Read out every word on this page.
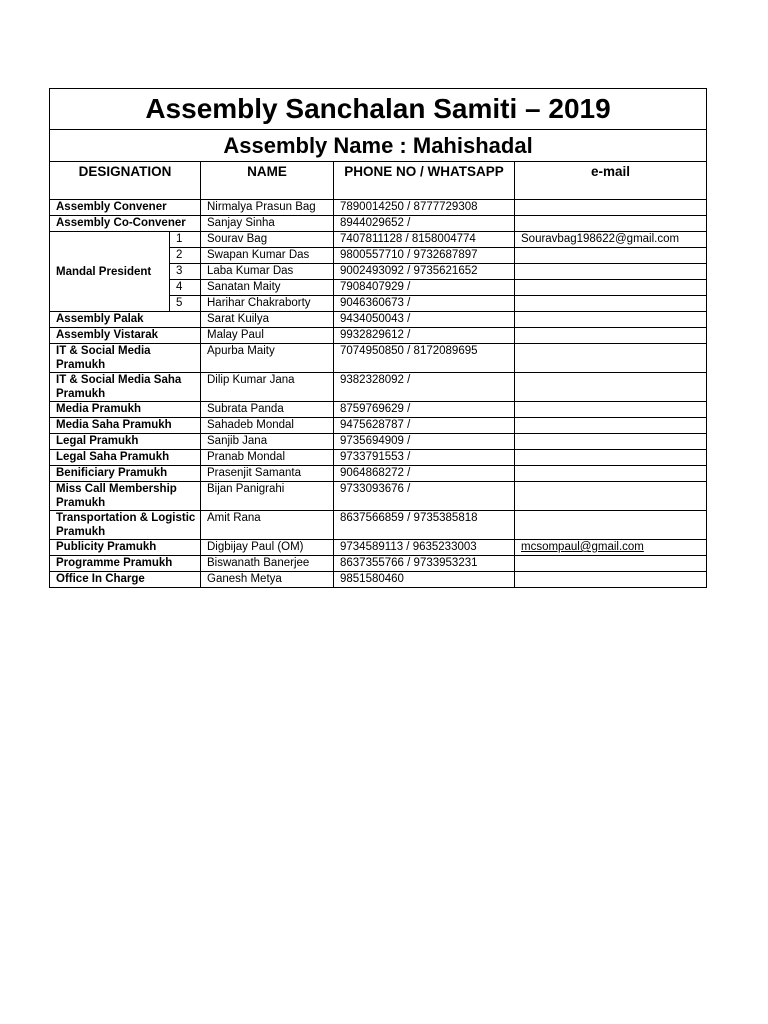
Assembly Sanchalan Samiti – 2019				
Assembly Name : Mahishadal				
DESIGNATION		NAME	PHONE NO / WHATSAPP	e-mail
Assembly Convener		Nirmalya Prasun Bag	7890014250 / 8777729308	
Assembly Co-Convener		Sanjay Sinha	8944029652 /	
Mandal President	1	Sourav Bag	7407811128 / 8158004774	Souravbag198622@gmail.com
	2	Swapan Kumar Das	9800557710 / 9732687897	
	3	Laba Kumar Das	9002493092 / 9735621652	
	4	Sanatan Maity	7908407929 /	
	5	Harihar Chakraborty	9046360673 /	
Assembly Palak		Sarat Kuilya	9434050043 /	
Assembly Vistarak		Malay Paul	9932829612 /	
IT & Social Media Pramukh		Apurba Maity	7074950850 / 8172089695	
IT & Social Media Saha Pramukh		Dilip Kumar Jana	9382328092 /	
Media Pramukh		Subrata Panda	8759769629 /	
Media Saha Pramukh		Sahadeb Mondal	9475628787 /	
Legal Pramukh		Sanjib Jana	9735694909 /	
Legal Saha Pramukh		Pranab Mondal	9733791553 /	
Benificiary Pramukh		Prasenjit Samanta	9064868272 /	
Miss Call Membership Pramukh		Bijan Panigrahi	9733093676 /	
Transportation & Logistic Pramukh		Amit Rana	8637566859 / 9735385818	
Publicity Pramukh		Digbijay Paul (OM)	9734589113 / 9635233003	mcsompaul@gmail.com
Programme Pramukh		Biswanath Banerjee	8637355766 / 9733953231	
Office In Charge		Ganesh Metya	9851580460	
